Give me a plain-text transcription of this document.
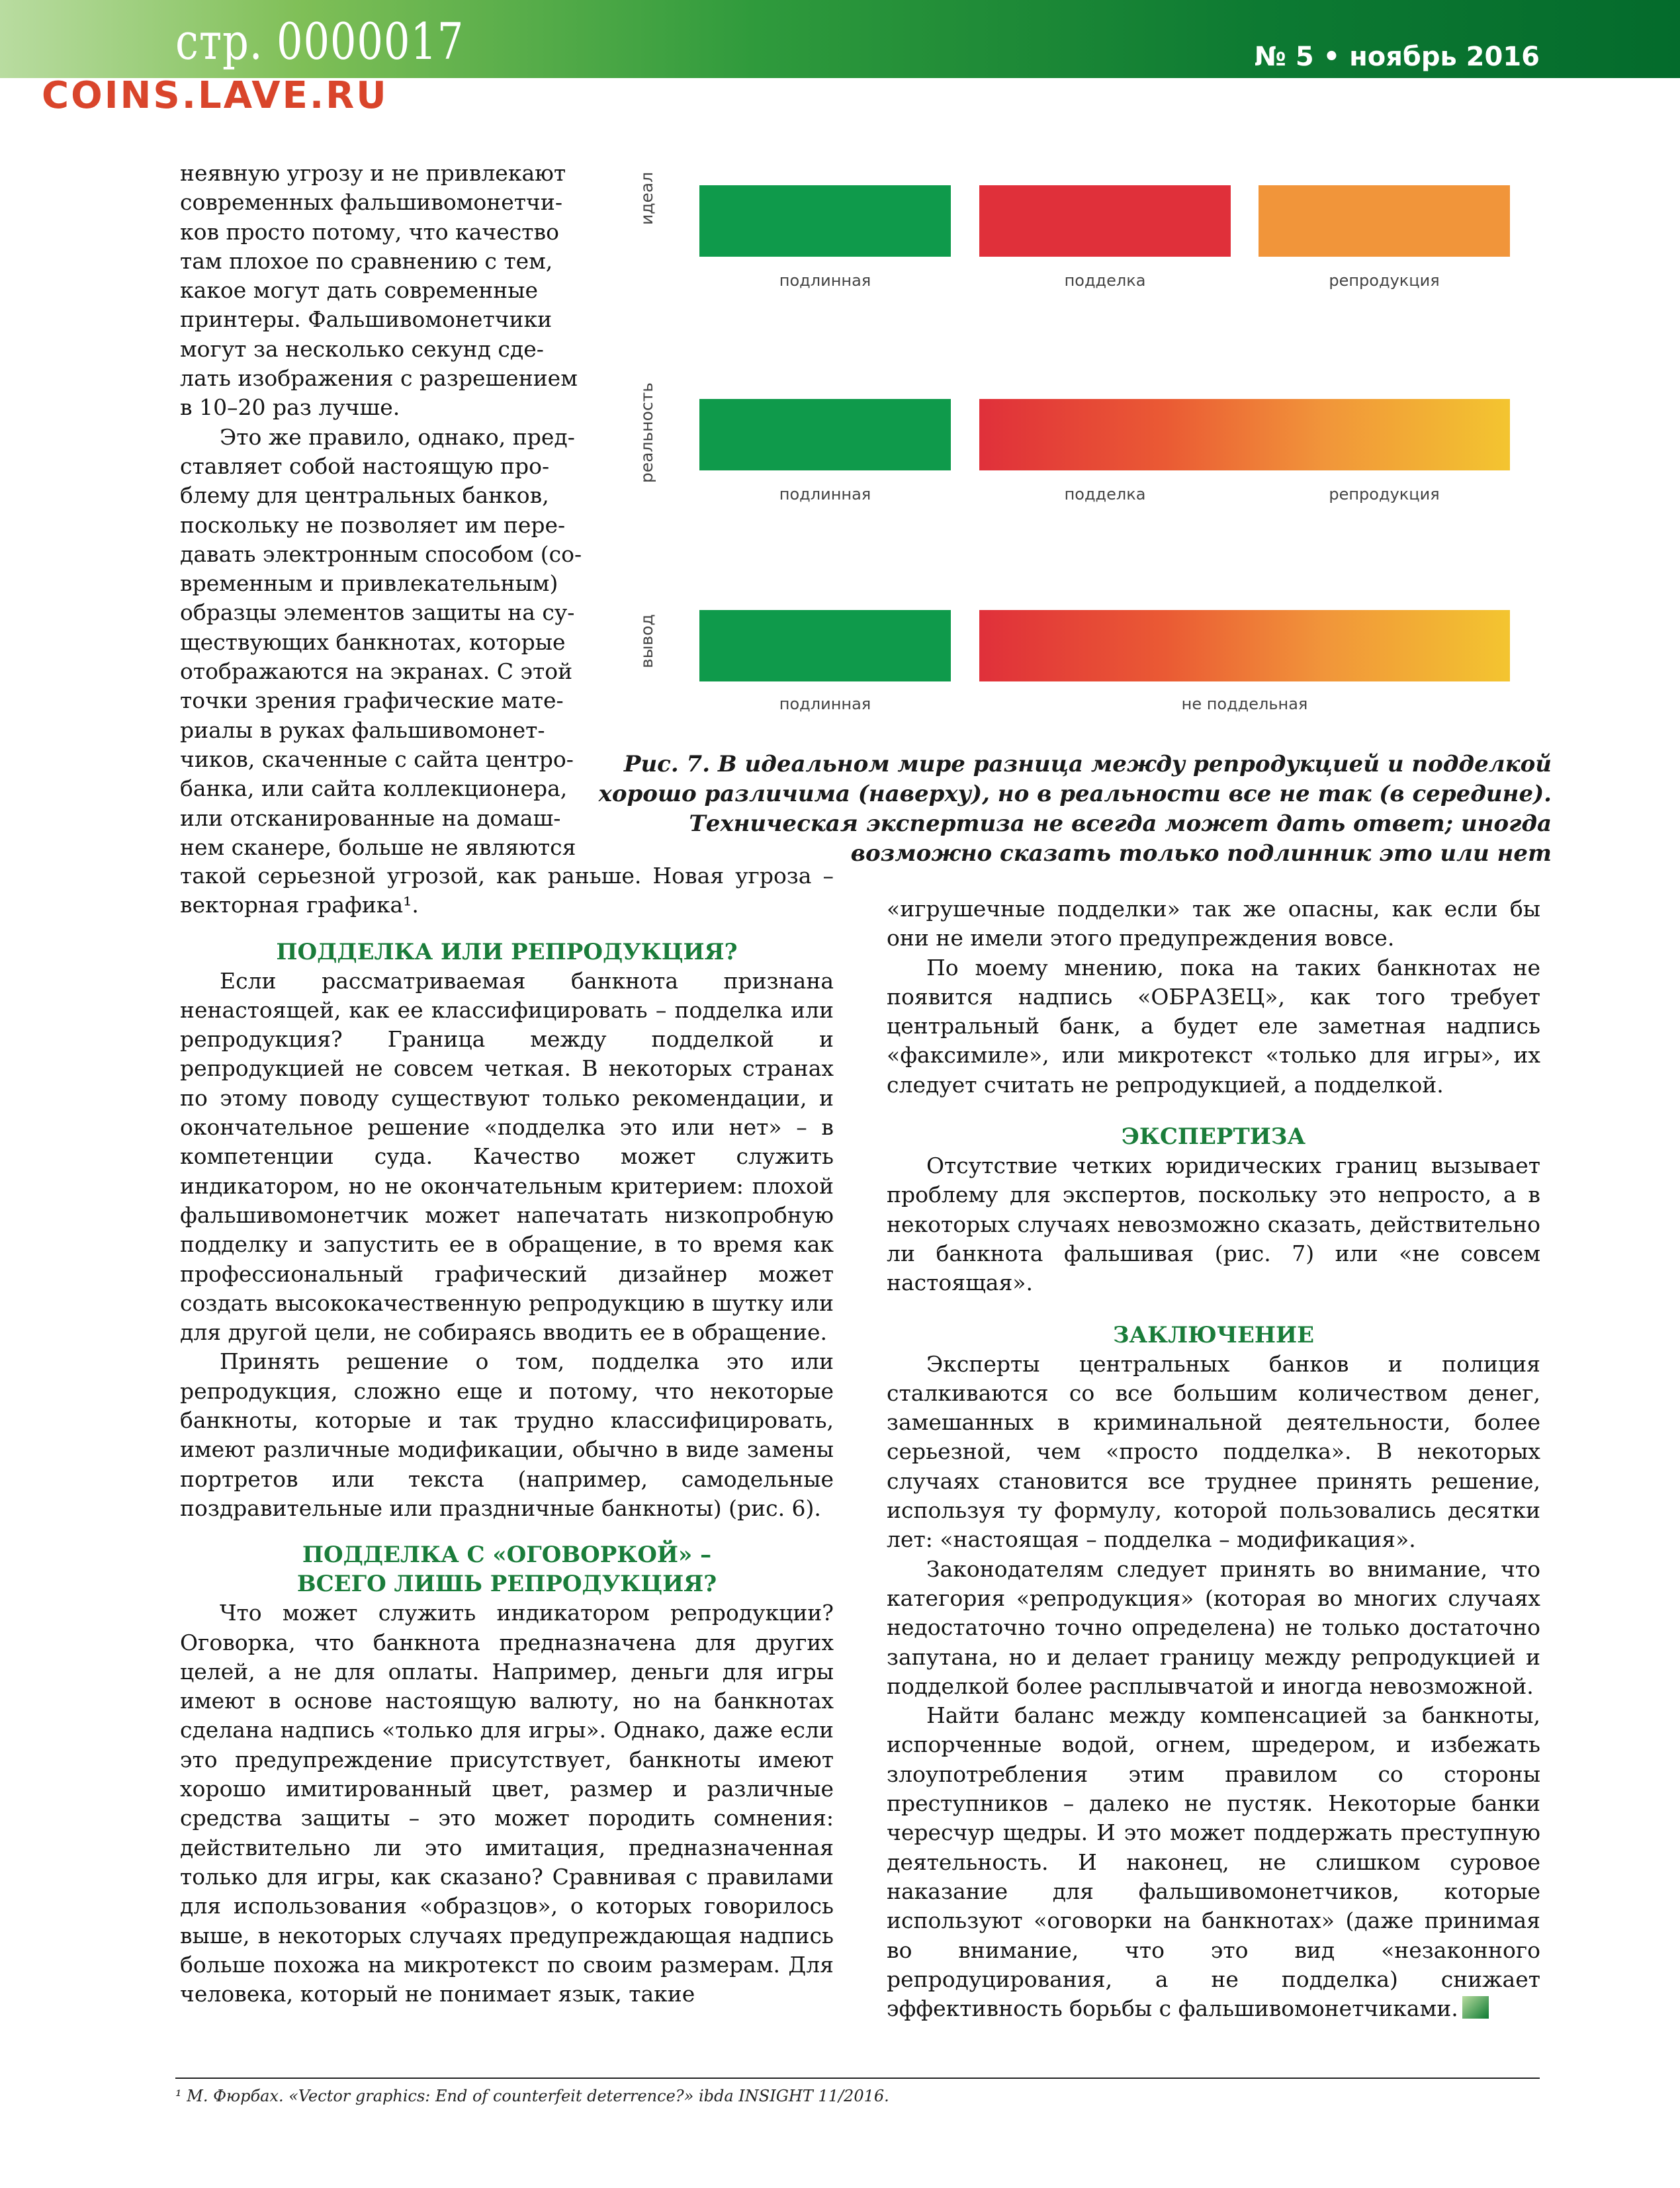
стр. 0000017	№ 5 • ноябрь 2016
COINS.LAVE.RU
идеал
подлинная	подделка	репродукция
реальность
подлинная	подделка	репродукция
вывод
подлинная	не поддельная
Рис. 7. В идеальном мире разница между репродукцией и подделкой хорошо различима (наверху), но в реальности все не так (в середине). Техническая экспертиза не всегда может дать ответ; иногда возможно сказать только подлинник это или нет

неявную угрозу и не привлекают
современных фальшивомонетчи-
ков просто потому, что качество
там плохое по сравнению с тем,
какое могут дать современные
принтеры. Фальшивомонетчики
могут за несколько секунд сде-
лать изображения с разрешением
в 10–20 раз лучше.

Это же правило, однако, пред-
ставляет собой настоящую про-
блему для центральных банков,
поскольку не позволяет им пере-
давать электронным способом (со-
временным и привлекательным)
образцы элементов защиты на су-
ществующих банкнотах, которые
отображаются на экранах. С этой
точки зрения графические мате-
риалы в руках фальшивомонет-
чиков, скаченные с сайта центро-
банка, или сайта коллекционера,
или отсканированные на домаш-
нем сканере, больше не являются

такой серьезной угрозой, как раньше. Новая угроза – векторная графика¹.

ПОДДЕЛКА ИЛИ РЕПРОДУКЦИЯ?

Если рассматриваемая банкнота признана ненастоящей, как ее классифицировать – подделка или репродукция? Граница между подделкой и репродукцией не совсем четкая. В некоторых странах по этому поводу существуют только рекомендации, и окончательное решение «подделка это или нет» – в компетенции суда. Качество может служить индикатором, но не окончательным критерием: плохой фальшивомонетчик может напечатать низкопробную подделку и запустить ее в обращение, в то время как профессиональный графический дизайнер может создать высококачественную репродукцию в шутку или для другой цели, не собираясь вводить ее в обращение.

Принять решение о том, подделка это или репродукция, сложно еще и потому, что некоторые банкноты, которые и так трудно классифицировать, имеют различные модификации, обычно в виде замены портретов или текста (например, самодельные поздравительные или праздничные банкноты) (рис. 6).

ПОДДЕЛКА С «ОГОВОРКОЙ» –
ВСЕГО ЛИШЬ РЕПРОДУКЦИЯ?

Что может служить индикатором репродукции? Оговорка, что банкнота предназначена для других целей, а не для оплаты. Например, деньги для игры имеют в основе настоящую валюту, но на банкнотах сделана надпись «только для игры». Однако, даже если это предупреждение присутствует, банкноты имеют хорошо имитированный цвет, размер и различные средства защиты – это может породить сомнения: действительно ли это имитация, предназначенная только для игры, как сказано? Сравнивая с правилами для использования «образцов», о которых говорилось выше, в некоторых случаях предупреждающая надпись больше похожа на микротекст по своим размерам. Для человека, который не понимает язык, такие

«игрушечные подделки» так же опасны, как если бы они не имели этого предупреждения вовсе.

По моему мнению, пока на таких банкнотах не появится надпись «ОБРАЗЕЦ», как того требует центральный банк, а будет еле заметная надпись «факсимиле», или микротекст «только для игры», их следует считать не репродукцией, а подделкой.

ЭКСПЕРТИЗА

Отсутствие четких юридических границ вызывает проблему для экспертов, поскольку это непросто, а в некоторых случаях невозможно сказать, действительно ли банкнота фальшивая (рис. 7) или «не совсем настоящая».

ЗАКЛЮЧЕНИЕ

Эксперты центральных банков и полиция сталкиваются со все большим количеством денег, замешанных в криминальной деятельности, более серьезной, чем «просто подделка». В некоторых случаях становится все труднее принять решение, используя ту формулу, которой пользовались десятки лет: «настоящая – подделка – модификация».

Законодателям следует принять во внимание, что категория «репродукция» (которая во многих случаях недостаточно точно определена) не только достаточно запутана, но и делает границу между репродукцией и подделкой более расплывчатой и иногда невозможной.

Найти баланс между компенсацией за банкноты, испорченные водой, огнем, шредером, и избежать злоупотребления этим правилом со стороны преступников – далеко не пустяк. Некоторые банки чересчур щедры. И это может поддержать преступную деятельность. И наконец, не слишком суровое наказание для фальшивомонетчиков, которые используют «оговорки на банкнотах» (даже принимая во внимание, что это вид «незаконного репродуцирования, а не подделка) снижает эффективность борьбы с фальшивомонетчиками.

¹ М. Фюрбах. «Vector graphics: End of counterfeit deterrence?» ibda INSIGHT 11/2016.
